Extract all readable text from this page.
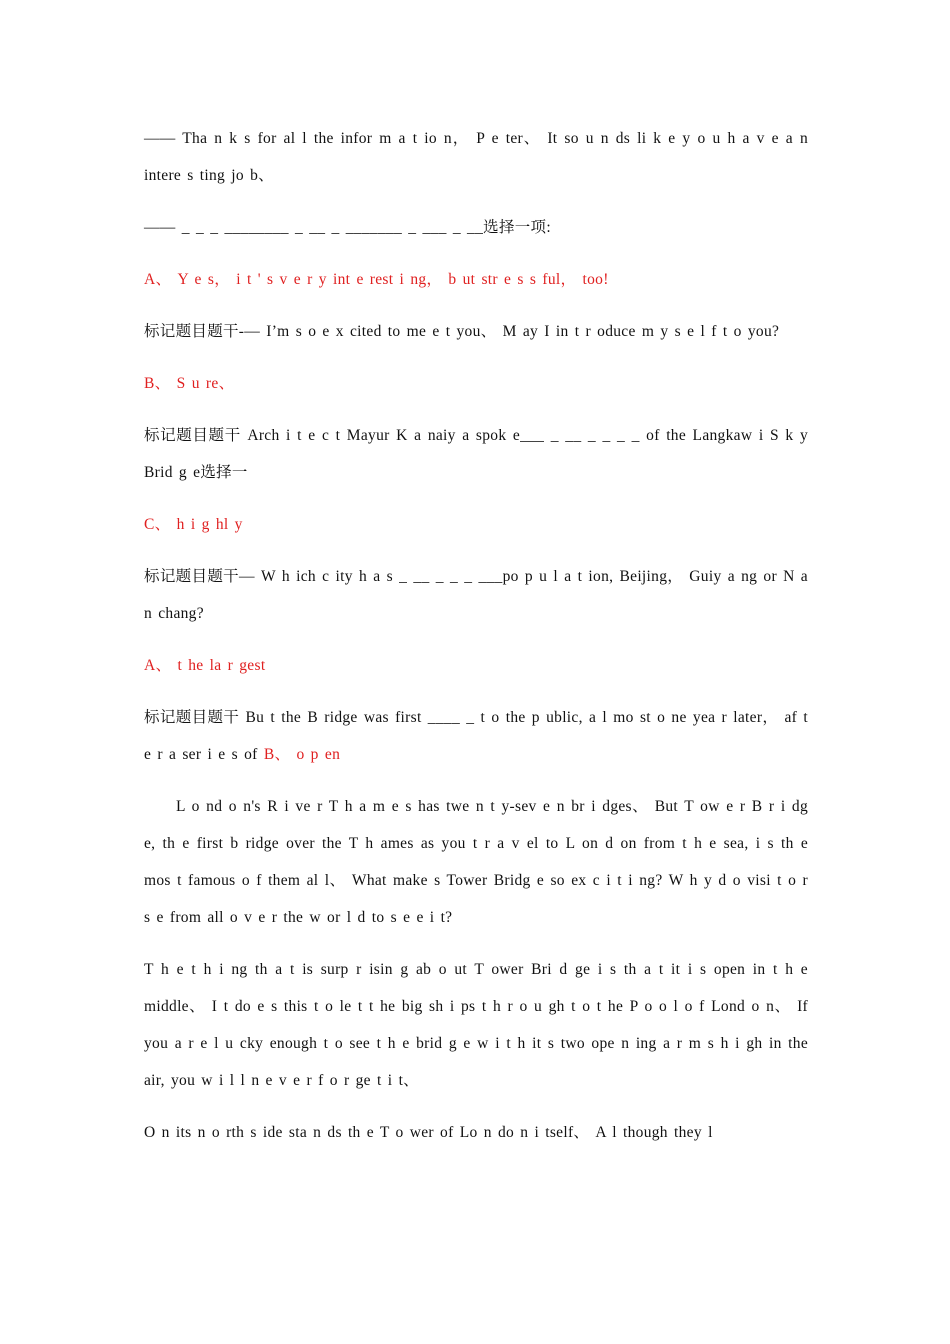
—— Tha n k s for al l the infor m a t io n， P e ter、 It so u n ds li k e y o u h a v e a n intere s ting jo b、

—— _ _ _ ________ _ __ _ _______ _ ___ _ __选择一项:

A、 Y e s， i t ' s v e r y int e rest i ng， b ut str e s s ful， too!

标记题目题干-— I’m s o e x cited to me e t you、 M ay I in t r oduce m y s e l f t o you?

B、 S u re、

标记题目题干 Arch i t e c t Mayur K a naiy a spok e___ _ __ _ _ _ _ of the Langkaw i S k y Brid g e选择一

C、 h i g hl y

标记题目题干— W h ich c ity h a s _ __ _ _ _ ___po p u l a t ion, Beijing， Guiy a ng or N a n chang?

A、 t he la r gest

标记题目题干 Bu t the B ridge was first ____ _ t o the p ublic, a l mo st o ne yea r later， af t e r a ser i e s of B、 o p en

L o nd o n's R i ve r T h a m e s has twe n t y-sev e n br i dges、 But T ow e r B r i dg e, th e first b ridge over the T h ames as you t r a v el to L on d on from t h e sea, i s th e mos t famous o f them al l、 What make s Tower Bridg e so ex c i t i ng? W h y d o visi t o r s e from all o v e r the w or l d to s e e i t?

T h e t h i ng th a t is surp r isin g ab o ut T ower Bri d ge i s th a t it i s open in t h e middle、 I t do e s this t o le t t he big sh i ps t h r o u gh t o t he P o o l o f Lond o n、 If you a r e l u cky enough t o see t h e brid g e w i t h it s two ope n ing a r m s h i gh in the air, you w i l l n e v e r f o r ge t i t、

O n its n o rth s ide sta n ds th e T o wer of Lo n do n i tself、 A l though they l
